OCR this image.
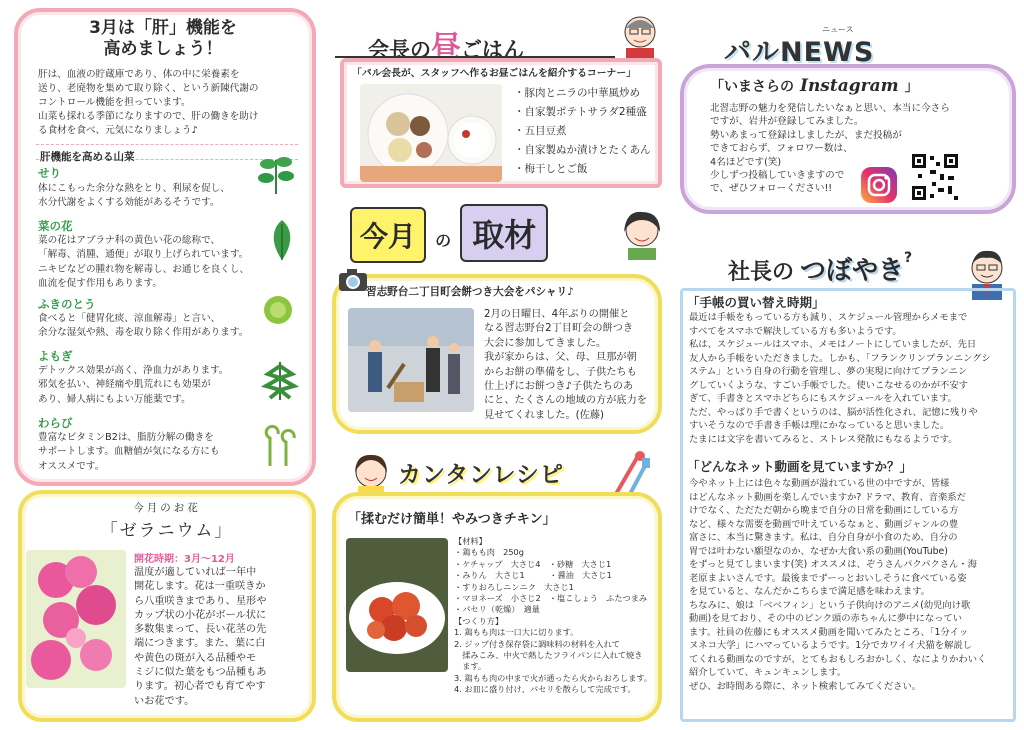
3月は「肝」機能を
高めましょう！
肝は、血液の貯蔵庫であり、体の中に栄養素を
送り、老廃物を集めて取り除く、という新陳代謝の
コントロール機能を担っています。
山菜も採れる季節になりますので、肝の働きを助け
る食材を食べ、元気になりましょう♪
肝機能を高める山菜
せり
体にこもった余分な熱をとり、利尿を促し、
水分代謝をよくする効能があるそうです。
菜の花
菜の花はアブラナ科の黄色い花の総称で、
「解毒、消腫、通便」が取り上げられています。
ニキビなどの腫れ物を解毒し、お通じを良くし、
血流を促す作用もあります。
ふきのとう
食べると「健胃化痰、涼血解毒」と言い、
余分な湿気や熱、毒を取り除く作用があります。
よもぎ
デトックス効果が高く、浄血力があります。
邪気を払い、神経痛や肌荒れにも効果が
あり、婦人病にもよい万能薬です。
わらび
豊富なビタミンB2は、脂肪分解の働きを
サポートします。血糖値が気になる方にも
オススメです。
今月のお花
「ゼラニウム」
開花時期：3月～12月
温度が適していれば一年中
開花します。花は一重咲きか
ら八重咲きまであり、星形や
カップ状の小花がボール状に
多数集まって、長い花茎の先
端につきます。また、葉に白
や黄色の斑が入る品種やモ
ミジに似た葉をもつ品種もあ
ります。初心者でも育てやす
いお花です。
会長の昼ごはん
「パル会長が、スタッフへ作るお昼ごはんを紹介するコーナー」
・豚肉とニラの中華風炒め
・自家製ポテトサラダ2種盛
・五目豆煮
・自家製ぬか漬けとたくあん
・梅干しとご飯
今月 の 取材
習志野台二丁目町会餅つき大会をパシャリ♪
2月の日曜日、4年ぶりの開催と
なる習志野台2丁目町会の餅つき
大会に参加してきました。
我が家からは、父、母、旦那が朝
からお餅の準備をし、子供たちも
仕上げにお餅つき♪子供たちのあ
にと、たくさんの地域の方が底力を
見せてくれました。(佐藤)
カンタンレシピ
「揉むだけ簡単！やみつきチキン」
【材料】
・鶏もも肉　250g
・ケチャップ　大さじ4　・砂糖　大さじ1
・みりん　大さじ1　　　・醤油　大さじ1
・すりおろしニンニク　大さじ1
・マヨネーズ　小さじ2　・塩こしょう　ふたつまみ
・パセリ（乾燥）　適量
【つくり方】
1. 鶏もも肉は一口大に切ります。
2. ジップ付き保存袋に調味料の材料を入れて
　揉みこみ、中火で熱したフライパンに入れて焼き
　ます。
3. 鶏もも肉の中まで火が通ったら火からおろします。
4. お皿に盛り付け、パセリを散らして完成です。
ニュース
パルNEWS
「いまさらの Instagram 」
北習志野の魅力を発信したいなぁと思い、本当に今さら
ですが、岩井が登録してみました。
勢いあまって登録はしましたが、まだ投稿が
できておらず、フォロワー数は、
4名ほどです(笑)
少しずつ投稿していきますので
で、ぜひフォローください!!
社長の つぼやき?
「手帳の買い替え時期」
最近は手帳をもっている方も減り、スケジュール管理からメモまで
すべてをスマホで解決している方も多いようです。
私は、スケジュールはスマホ、メモはノートにしていましたが、先日
友人から手帳をいただきました。しかも、「フランクリンプランニングシ
ステム」という自身の行動を管理し、夢の実現に向けてプランニン
グしていくような、すごい手帳でした。使いこなせるのかが不安す
ぎて、手書きとスマホどちらにもスケジュールを入れています。
ただ、やっぱり手で書くというのは、脳が活性化され、記憶に残りや
すいそうなので手書き手帳は理にかなっていると思いました。
たまには文字を書いてみると、ストレス発散にもなるようです。
「どんなネット動画を見ていますか？」
今やネット上には色々な動画が溢れている世の中ですが、皆様
はどんなネット動画を楽しんでいますか? ドラマ、教育、音楽系だ
けでなく、ただただ朝から晩まで自分の日常を動画にしている方
など、様々な需要を動画で叶えているなぁと、動画ジャンルの豊
富さに、本当に驚きます。私は、自分自身が小食のため、自分の
胃では叶わない願望なのか、なぜか大食い系の動画(YouTube)
をずっと見てしまいます(笑) オススメは、ぞうさんパクパクさん・海
老原まよいさんです。最後までずーっとおいしそうに食べている姿
を見ていると、なんだかこちらまで満足感を味わえます。
ちなみに、娘は「ベベフィン」という子供向けのアニメ(幼児向け歌
動画)を見ており、その中のピンク頭の赤ちゃんに夢中になってい
ます。社員の佐藤にもオススメ動画を聞いてみたところ、「1分イッ
ヌネコ大学」にハマっているようです。1分でカワイイ犬猫を解説し
てくれる動画なのですが、とてもおもしろおかしく、なによりかわいく
紹介していて、キュンキュンします。
ぜひ、お時間ある際に、ネット検索してみてください。
